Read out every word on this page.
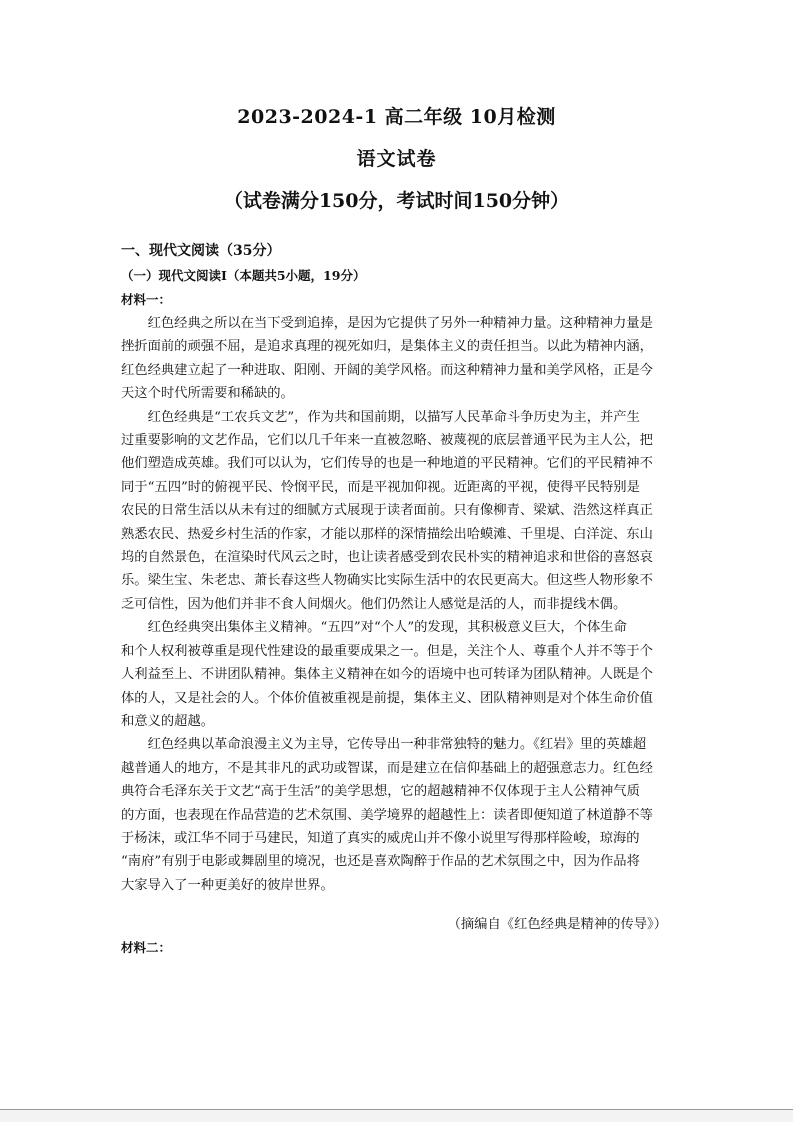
2023-2024-1 高二年级 10月检测
语文试卷
（试卷满分150分，考试时间150分钟）
一、现代文阅读（35分）
（一）现代文阅读Ⅰ（本题共5小题，19分）
材料一：

红色经典之所以在当下受到追捧，是因为它提供了另外一种精神力量。这种精神力量是
挫折面前的顽强不屈，是追求真理的视死如归，是集体主义的责任担当。以此为精神内涵，
红色经典建立起了一种进取、阳刚、开阔的美学风格。而这种精神力量和美学风格，正是今
天这个时代所需要和稀缺的。

红色经典是“工农兵文艺”，作为共和国前期，以描写人民革命斗争历史为主，并产生
过重要影响的文艺作品，它们以几千年来一直被忽略、被蔑视的底层普通平民为主人公，把
他们塑造成英雄。我们可以认为，它们传导的也是一种地道的平民精神。它们的平民精神不
同于“五四”时的俯视平民、怜悯平民，而是平视加仰视。近距离的平视，使得平民特别是
农民的日常生活以从未有过的细腻方式展现于读者面前。只有像柳青、梁斌、浩然这样真正
熟悉农民、热爱乡村生活的作家，才能以那样的深情描绘出哈蟆滩、千里堤、白洋淀、东山
坞的自然景色，在渲染时代风云之时，也让读者感受到农民朴实的精神追求和世俗的喜怒哀
乐。梁生宝、朱老忠、萧长春这些人物确实比实际生活中的农民更高大。但这些人物形象不
乏可信性，因为他们并非不食人间烟火。他们仍然让人感觉是活的人，而非提线木偶。

红色经典突出集体主义精神。“五四”对“个人”的发现，其积极意义巨大，个体生命
和个人权利被尊重是现代性建设的最重要成果之一。但是，关注个人、尊重个人并不等于个
人利益至上、不讲团队精神。集体主义精神在如今的语境中也可转译为团队精神。人既是个
体的人，又是社会的人。个体价值被重视是前提，集体主义、团队精神则是对个体生命价值
和意义的超越。

红色经典以革命浪漫主义为主导，它传导出一种非常独特的魅力。《红岩》里的英雄超
越普通人的地方，不是其非凡的武功或智谋，而是建立在信仰基础上的超强意志力。红色经
典符合毛泽东关于文艺“高于生活”的美学思想，它的超越精神不仅体现于主人公精神气质
的方面，也表现在作品营造的艺术氛围、美学境界的超越性上：读者即便知道了林道静不等
于杨沫，或江华不同于马建民，知道了真实的威虎山并不像小说里写得那样险峻，琼海的
“南府”有别于电影或舞剧里的境况，也还是喜欢陶醉于作品的艺术氛围之中，因为作品将
大家导入了一种更美好的彼岸世界。

（摘编自《红色经典是精神的传导》）
材料二：
